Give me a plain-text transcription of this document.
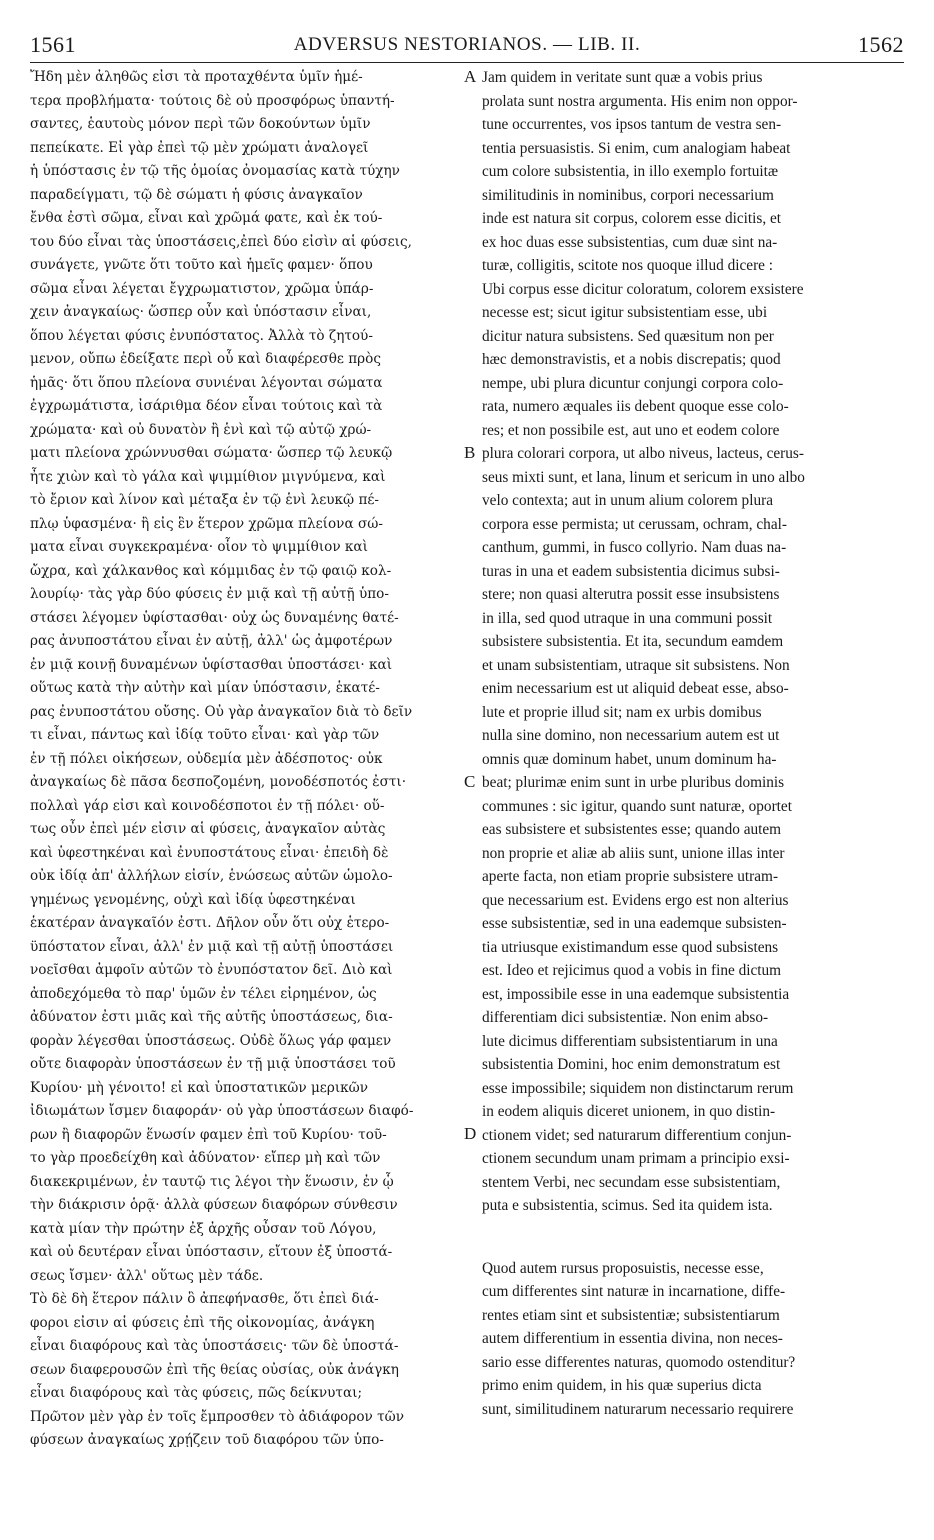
1561	ADVERSUS NESTORIANOS. — LIB. II.	1562
A
B
C
D
Ἤδη μὲν ἀληθῶς εἰσι τὰ προταχθέντα ὑμῖν ἡμέ-
τερα προβλήματα· τούτοις δὲ οὐ προσφόρως ὑπαντή-
σαντες, ἑαυτοὺς μόνον περὶ τῶν δοκούντων ὑμῖν
πεπείκατε. Εἰ γὰρ ἐπεὶ τῷ μὲν χρώματι ἀναλογεῖ
ἡ ὑπόστασις ἐν τῷ τῆς ὁμοίας ὀνομασίας κατὰ τύχην
παραδείγματι, τῷ δὲ σώματι ἡ φύσις ἀναγκαῖον
ἔνθα ἐστὶ σῶμα, εἶναι καὶ χρῶμά φατε, καὶ ἐκ τού-
του δύο εἶναι τὰς ὑποστάσεις,ἐπεὶ δύο εἰσὶν αἱ φύσεις,
συνάγετε, γνῶτε ὅτι τοῦτο καὶ ἡμεῖς φαμεν· ὅπου
σῶμα εἶναι λέγεται ἔγχρωματιστον, χρῶμα ὑπάρ-
χειν ἀναγκαίως· ὥσπερ οὖν καὶ ὑπόστασιν εἶναι,
ὅπου λέγεται φύσις ἐνυπόστατος. Ἀλλὰ τὸ ζητού-
μενον, οὔπω ἐδείξατε περὶ οὗ καὶ διαφέρεσθε πρὸς
ἡμᾶς· ὅτι ὅπου πλείονα συνιέναι λέγονται σώματα
ἐγχρωμάτιστα, ἰσάριθμα δέον εἶναι τούτοις καὶ τὰ
χρώματα· καὶ οὐ δυνατὸν ἢ ἑνὶ καὶ τῷ αὐτῷ χρώ-
ματι πλείονα χρώννυσθαι σώματα· ὥσπερ τῷ λευκῷ
ἦτε χιὼν καὶ τὸ γάλα καὶ ψιμμίθιον μιγνύμενα, καὶ
τὸ ἔριον καὶ λίνον καὶ μέταξα ἐν τῷ ἑνὶ λευκῷ πέ-
πλῳ ὑφασμένα· ἢ εἰς ἓν ἕτερον χρῶμα πλείονα σώ-
ματα εἶναι συγκεκραμένα· οἷον τὸ ψιμμίθιον καὶ
ὤχρα, καὶ χάλκανθος καὶ κόμμιδας ἐν τῷ φαιῷ κολ-
λουρίῳ· τὰς γὰρ δύο φύσεις ἐν μιᾷ καὶ τῇ αὐτῇ ὑπο-
στάσει λέγομεν ὑφίστασθαι· οὐχ ὡς δυναμένης θατέ-
ρας ἀνυποστάτου εἶναι ἐν αὐτῇ, ἀλλ' ὡς ἀμφοτέρων
ἐν μιᾷ κοινῇ δυναμένων ὑφίστασθαι ὑποστάσει· καὶ
οὕτως κατὰ τὴν αὐτὴν καὶ μίαν ὑπόστασιν, ἑκατέ-
ρας ἐνυποστάτου οὔσης. Οὐ γὰρ ἀναγκαῖον διὰ τὸ δεῖν
τι εἶναι, πάντως καὶ ἰδίᾳ τοῦτο εἶναι· καὶ γὰρ τῶν
ἐν τῇ πόλει οἰκήσεων, οὐδεμία μὲν ἀδέσποτος· οὐκ
ἀναγκαίως δὲ πᾶσα δεσποζομένη, μονοδέσποτός ἐστι·
πολλαὶ γάρ εἰσι καὶ κοινοδέσποτοι ἐν τῇ πόλει· οὕ-
τως οὖν ἐπεὶ μέν εἰσιν αἱ φύσεις, ἀναγκαῖον αὐτὰς
καὶ ὑφεστηκέναι καὶ ἐνυποστάτους εἶναι· ἐπειδὴ δὲ
οὐκ ἰδίᾳ ἀπ' ἀλλήλων εἰσίν, ἑνώσεως αὐτῶν ὡμολο-
γημένως γενομένης, οὐχὶ καὶ ἰδίᾳ ὑφεστηκέναι
ἑκατέραν ἀναγκαῖόν ἐστι. Δῆλον οὖν ὅτι οὐχ ἑτερο-
ϋπόστατον εἶναι, ἀλλ' ἐν μιᾷ καὶ τῇ αὐτῇ ὑποστάσει
νοεῖσθαι ἀμφοῖν αὐτῶν τὸ ἐνυπόστατον δεῖ. Διὸ καὶ
ἀποδεχόμεθα τὸ παρ' ὑμῶν ἐν τέλει εἰρημένον, ὡς
ἀδύνατον ἐστι μιᾶς καὶ τῆς αὐτῆς ὑποστάσεως, δια-
φορὰν λέγεσθαι ὑποστάσεως. Οὐδὲ ὅλως γάρ φαμεν
οὔτε διαφορὰν ὑποστάσεων ἐν τῇ μιᾷ ὑποστάσει τοῦ
Κυρίου· μὴ γένοιτο! εἰ καὶ ὑποστατικῶν μερικῶν
ἰδιωμάτων ἴσμεν διαφοράν· οὐ γὰρ ὑποστάσεων διαφό-
ρων ἢ διαφορῶν ἕνωσίν φαμεν ἐπὶ τοῦ Κυρίου· τοῦ-
το γὰρ προεδείχθη καὶ ἀδύνατον· εἴπερ μὴ καὶ τῶν
διακεκριμένων, ἐν ταυτῷ τις λέγοι τὴν ἕνωσιν, ἐν ᾧ
τὴν διάκρισιν ὁρᾷ· ἀλλὰ φύσεων διαφόρων σύνθεσιν
κατὰ μίαν τὴν πρώτην ἐξ ἀρχῆς οὖσαν τοῦ Λόγου,
καὶ οὐ δευτέραν εἶναι ὑπόστασιν, εἴτουν ἐξ ὑποστά-
σεως ἴσμεν· ἀλλ' οὕτως μὲν τάδε.
Τὸ δὲ δὴ ἕτερον πάλιν ὃ ἀπεφήνασθε, ὅτι ἐπεὶ διά-
φοροι εἰσιν αἱ φύσεις ἐπὶ τῆς οἰκονομίας, ἀνάγκη
εἶναι διαφόρους καὶ τὰς ὑποστάσεις· τῶν δὲ ὑποστά-
σεων διαφερουσῶν ἐπὶ τῆς θείας οὐσίας, οὐκ ἀνάγκη
εἶναι διαφόρους καὶ τὰς φύσεις, πῶς δείκνυται;
Πρῶτον μὲν γὰρ ἐν τοῖς ἔμπροσθεν τὸ ἀδιάφορον τῶν
φύσεων ἀναγκαίως χρῄζειν τοῦ διαφόρου τῶν ὑπο-
Jam quidem in veritate sunt quæ a vobis prius
prolata sunt nostra argumenta. His enim non oppor-
tune occurrentes, vos ipsos tantum de vestra sen-
tentia persuasistis. Si enim, cum analogiam habeat
cum colore subsistentia, in illo exemplo fortuitæ
similitudinis in nominibus, corpori necessarium
inde est natura sit corpus, colorem esse dicitis, et
ex hoc duas esse subsistentias, cum duæ sint na-
turæ, colligitis, scitote nos quoque illud dicere :
Ubi corpus esse dicitur coloratum, colorem exsistere
necesse est; sicut igitur subsistentiam esse, ubi
dicitur natura subsistens. Sed quæsitum non per
hæc demonstravistis, et a nobis discrepatis; quod
nempe, ubi plura dicuntur conjungi corpora colo-
rata, numero æquales iis debent quoque esse colo-
res; et non possibile est, aut uno et eodem colore
plura colorari corpora, ut albo niveus, lacteus, cerus-
seus mixti sunt, et lana, linum et sericum in uno albo
velo contexta; aut in unum alium colorem plura
corpora esse permista; ut cerussam, ochram, chal-
canthum, gummi, in fusco collyrio. Nam duas na-
turas in una et eadem subsistentia dicimus subsi-
stere; non quasi alterutra possit esse insubsistens
in illa, sed quod utraque in una communi possit
subsistere subsistentia. Et ita, secundum eamdem
et unam subsistentiam, utraque sit subsistens. Non
enim necessarium est ut aliquid debeat esse, abso-
lute et proprie illud sit; nam ex urbis domibus
nulla sine domino, non necessarium autem est ut
omnis quæ dominum habet, unum dominum ha-
beat; plurimæ enim sunt in urbe pluribus dominis
communes : sic igitur, quando sunt naturæ, oportet
eas subsistere et subsistentes esse; quando autem
non proprie et aliæ ab aliis sunt, unione illas inter
aperte facta, non etiam proprie subsistere utram-
que necessarium est. Evidens ergo est non alterius
esse subsistentiæ, sed in una eademque subsisten-
tia utriusque existimandum esse quod subsistens
est. Ideo et rejicimus quod a vobis in fine dictum
est, impossibile esse in una eademque subsistentia
differentiam dici subsistentiæ. Non enim abso-
lute dicimus differentiam subsistentiarum in una
subsistentia Domini, hoc enim demonstratum est
esse impossibile; siquidem non distinctarum rerum
in eodem aliquis diceret unionem, in quo distin-
ctionem videt; sed naturarum differentium conjun-
ctionem secundum unam primam a principio exsi-
stentem Verbi, nec secundam esse subsistentiam,
puta e subsistentia, scimus. Sed ita quidem ista.
Quod autem rursus proposuistis, necesse esse,
cum differentes sint naturæ in incarnatione, diffe-
rentes etiam sint et subsistentiæ; subsistentiarum
autem differentium in essentia divina, non neces-
sario esse differentes naturas, quomodo ostenditur?
primo enim quidem, in his quæ superius dicta
sunt, similitudinem naturarum necessario requirere
